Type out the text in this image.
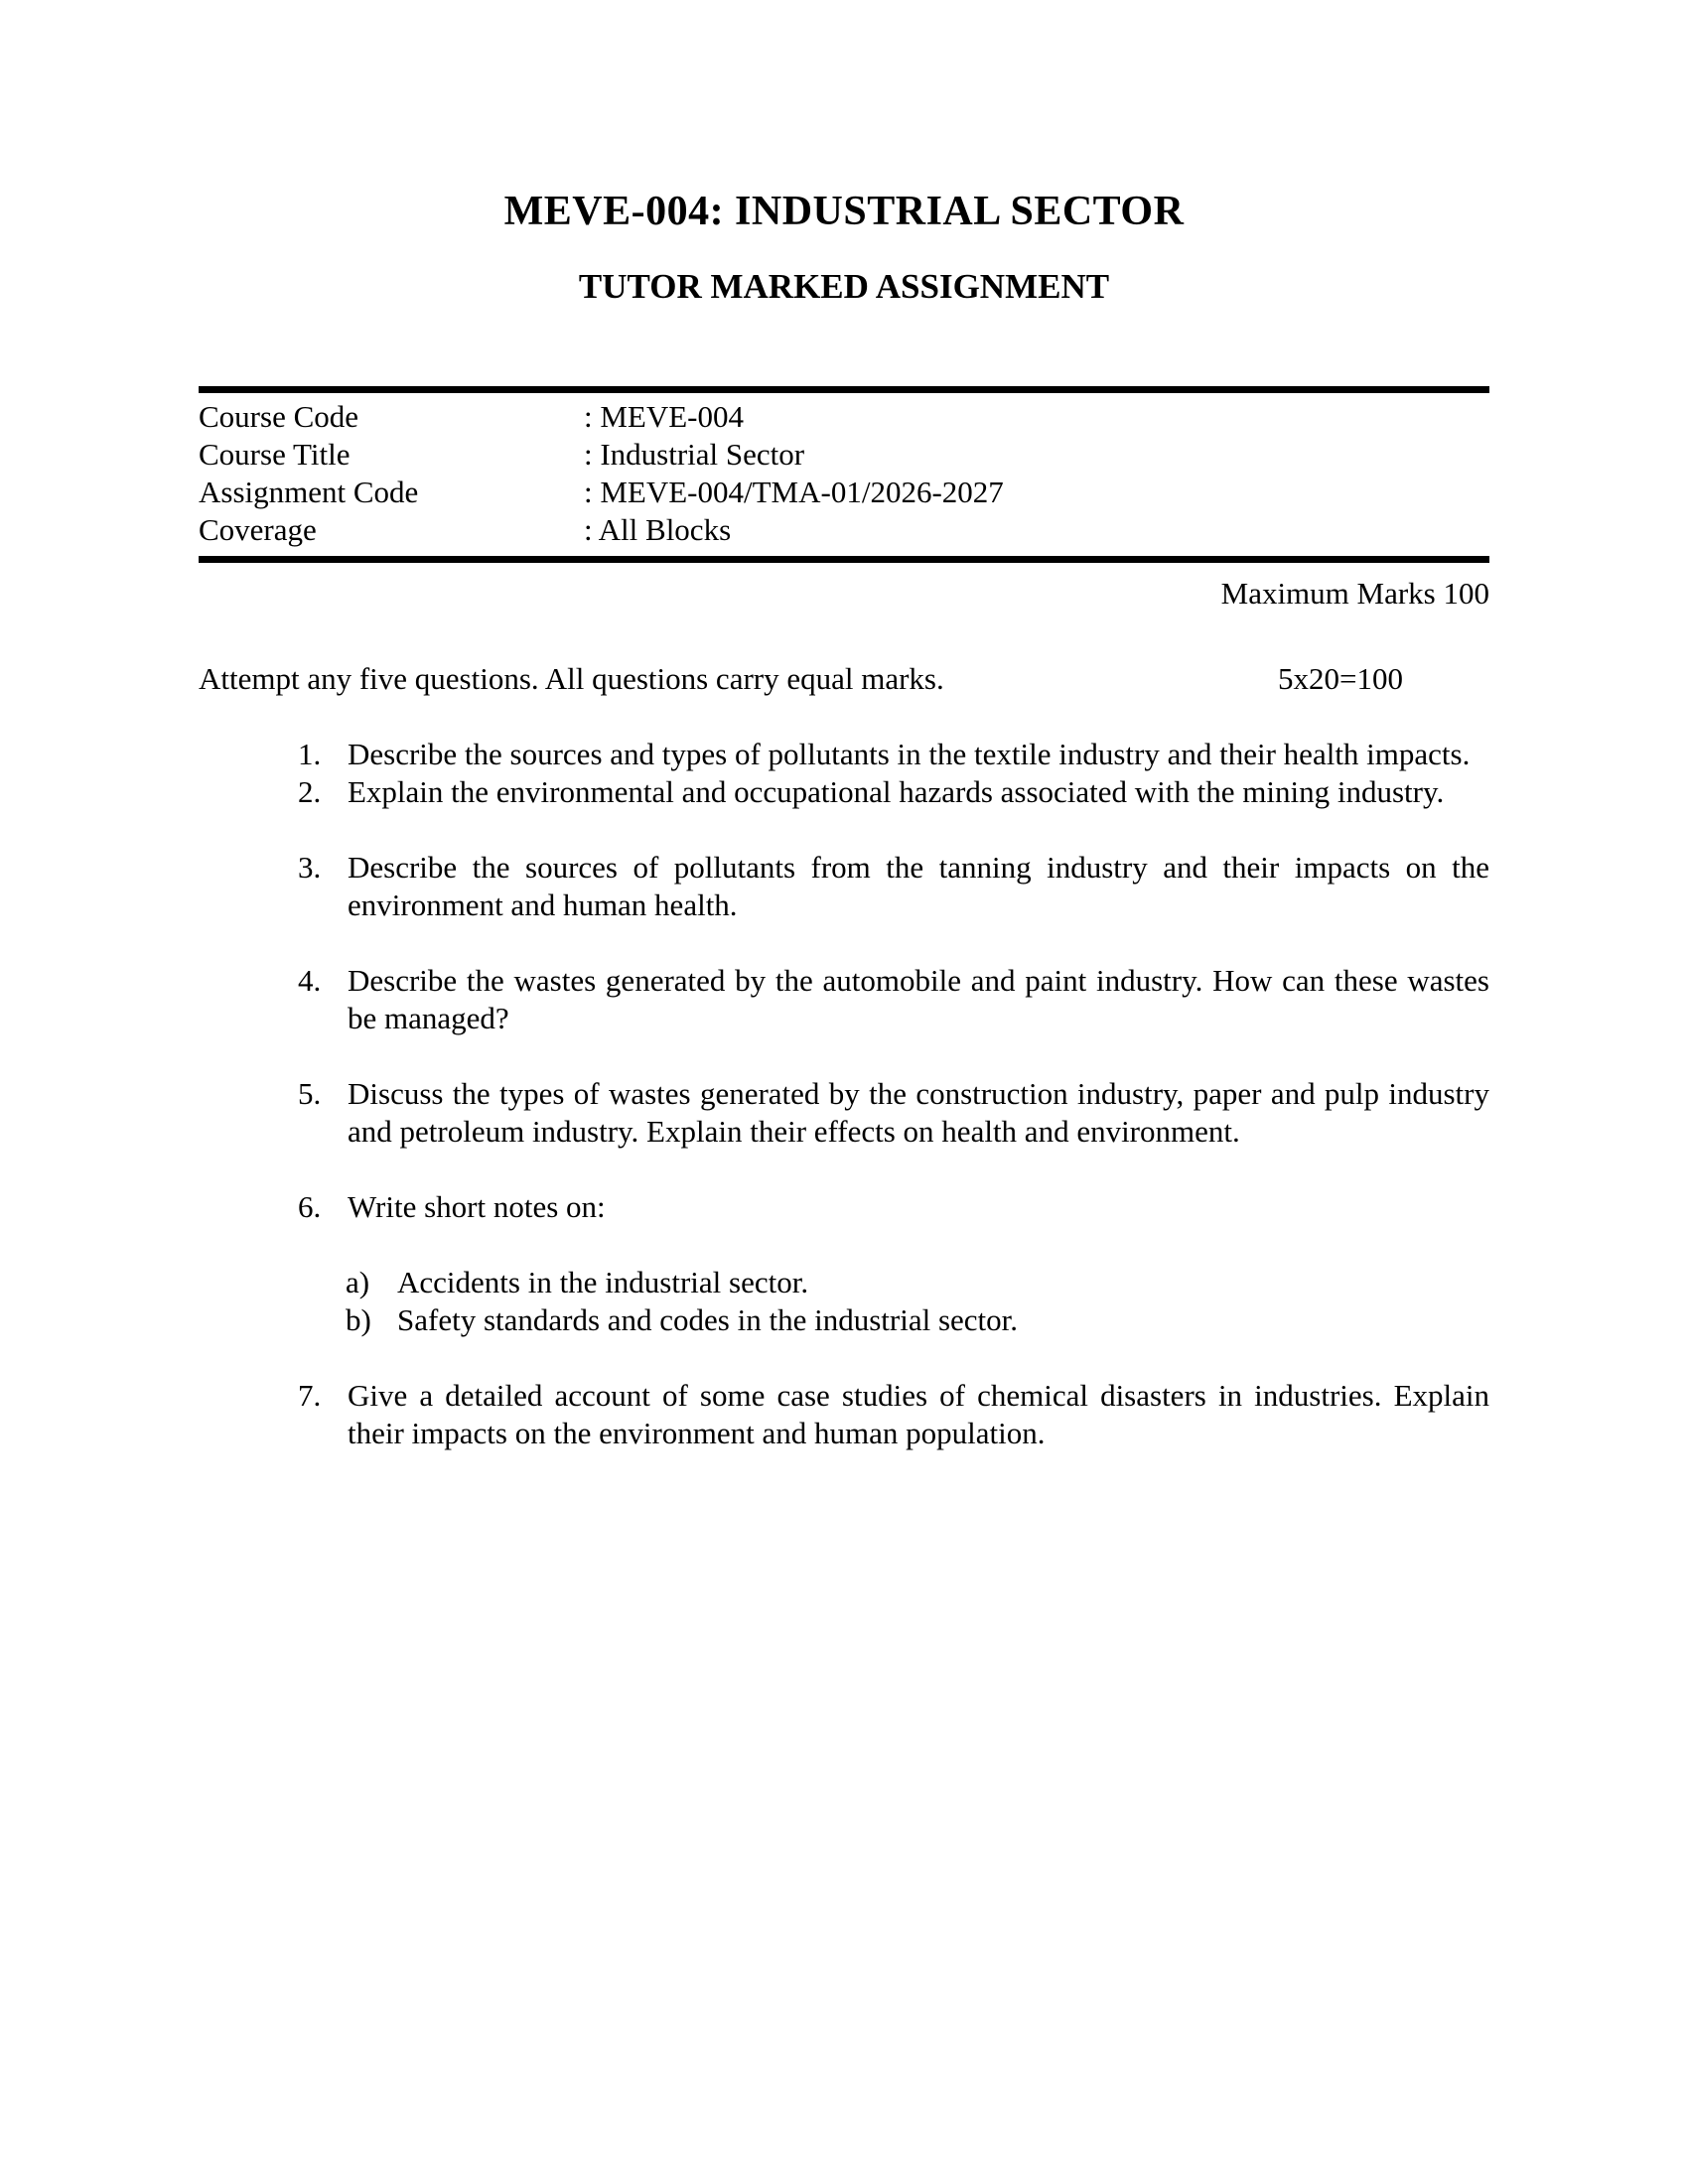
MEVE-004: INDUSTRIAL SECTOR
TUTOR MARKED ASSIGNMENT
Course Code	: MEVE-004
Course Title	: Industrial Sector
Assignment Code	: MEVE-004/TMA-01/2026-2027
Coverage	: All Blocks
Maximum Marks 100
Attempt any five questions. All questions carry equal marks.	5x20=100
1. Describe the sources and types of pollutants in the textile industry and their health impacts.
2. Explain the environmental and occupational hazards associated with the mining industry.
3. Describe the sources of pollutants from the tanning industry and their impacts on the environment and human health.
4. Describe the wastes generated by the automobile and paint industry. How can these wastes be managed?
5. Discuss the types of wastes generated by the construction industry, paper and pulp industry and petroleum industry. Explain their effects on health and environment.
6. Write short notes on:
a) Accidents in the industrial sector.
b) Safety standards and codes in the industrial sector.
7. Give a detailed account of some case studies of chemical disasters in industries. Explain their impacts on the environment and human population.
